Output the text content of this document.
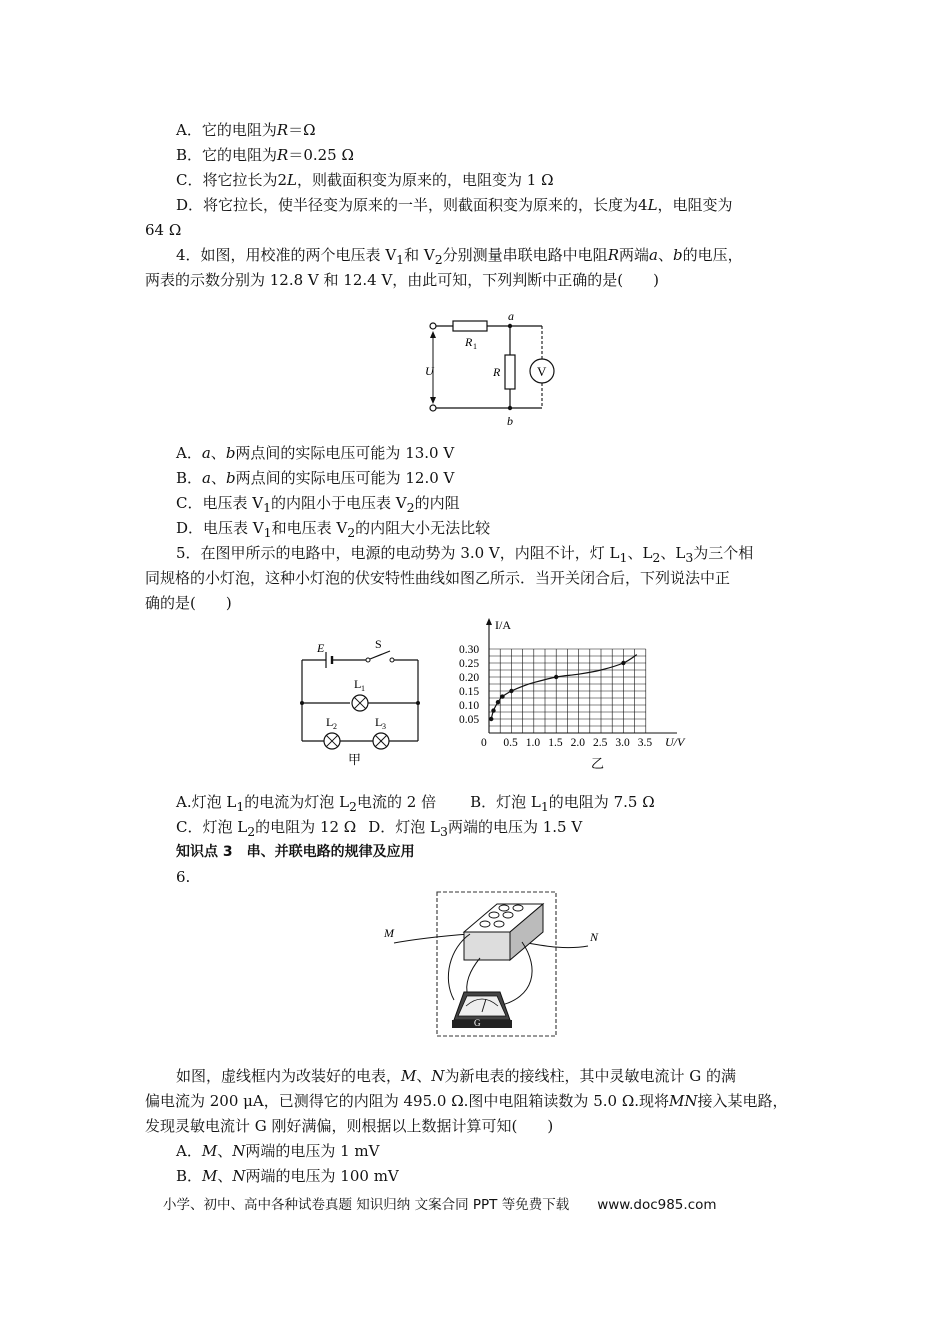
A．它的电阻为R＝Ω
B．它的电阻为R＝0.25 Ω
C．将它拉长为2L，则截面积变为原来的，电阻变为 1 Ω
D．将它拉长，使半径变为原来的一半，则截面积变为原来的，长度为4L，电阻变为
64 Ω
4．如图，用校准的两个电压表 $V_1$和 $V_2$分别测量串联电路中电阻R两端a、b的电压，
两表的示数分别为 12.8 V 和 12.4 V，由此可知，下列判断中正确的是(　　)
V
U
R 1
R
a
b
A．a、b两点间的实际电压可能为 13.0 V
B．a、b两点间的实际电压可能为 12.0 V
C．电压表 $V_1$的内阻小于电压表 $V_2$的内阻
D．电压表 $V_1$和电压表 $V_2$的内阻大小无法比较
5．在图甲所示的电路中，电源的电动势为 3.0 V，内阻不计，灯 $L_1$、$L_2$、$L_3$为三个相
同规格的小灯泡，这种小灯泡的伏安特性曲线如图乙所示．当开关闭合后，下列说法中正
确的是(　　)
E	S
L 1
L 2	L 3
甲
0 0.5 1.0 1.5 2.0 2.5 3.0 3.5
0.05
0.10
0.15
0.20
0.25
0.30
I/A
U/V
乙
A.灯泡 $L_1$的电流为灯泡 $L_2$电流的 2 倍 B．灯泡 $L_1$的电阻为 7.5 Ω
C．灯泡 $L_2$的电阻为 12 Ω D．灯泡 $L_3$两端的电压为 1.5 V
知识点 3　串、并联电路的规律及应用
6.
G
M	N
如图，虚线框内为改装好的电表，M、N为新电表的接线柱，其中灵敏电流计 G 的满
偏电流为 200 μA，已测得它的内阻为 495.0 Ω.图中电阻箱读数为 5.0 Ω.现将MN接入某电路，
发现灵敏电流计 G 刚好满偏，则根据以上数据计算可知(　　)
A．M、N两端的电压为 1 mV
B．M、N两端的电压为 100 mV
小学、初中、高中各种试卷真题 知识归纳 文案合同 PPT 等免费下载 www.doc985.com
